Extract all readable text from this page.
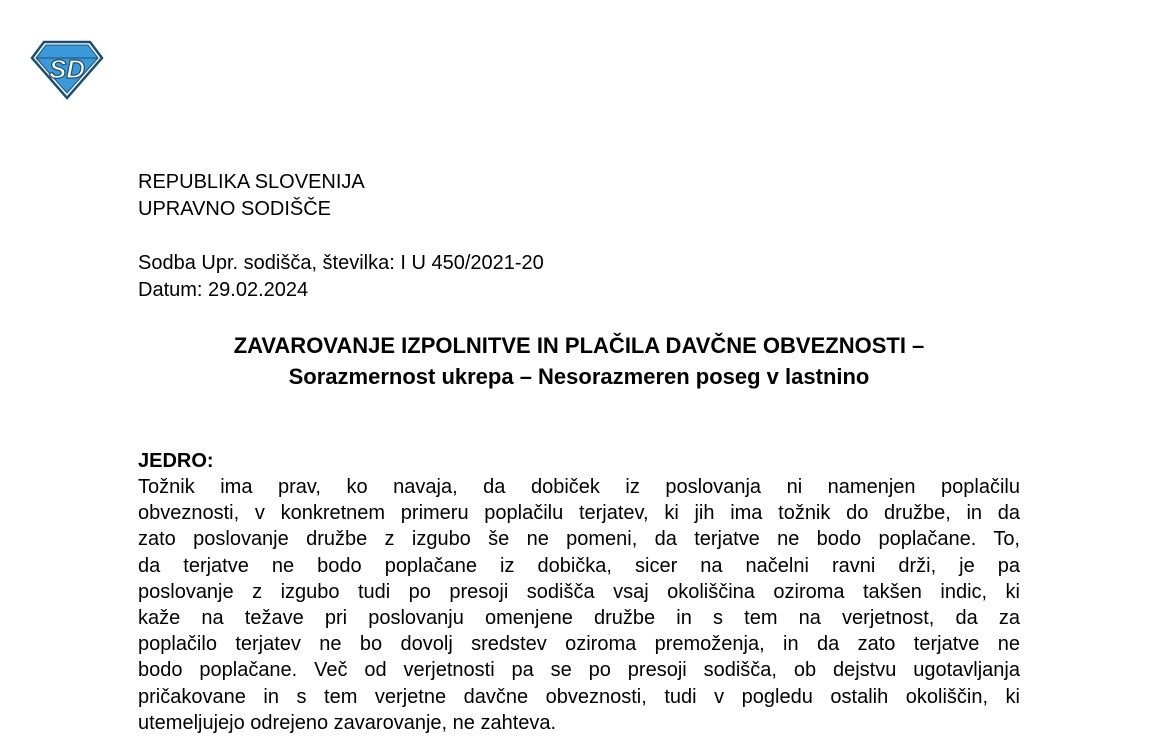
SD
REPUBLIKA SLOVENIJA
UPRAVNO SODIŠČE
Sodba Upr. sodišča, številka: I U 450/2021-20
Datum: 29.02.2024
ZAVAROVANJE IZPOLNITVE IN PLAČILA DAVČNE OBVEZNOSTI –
Sorazmernost ukrepa – Nesorazmeren poseg v lastnino
JEDRO:
Tožnik ima prav, ko navaja, da dobiček iz poslovanja ni namenjen poplačilu
obveznosti, v konkretnem primeru poplačilu terjatev, ki jih ima tožnik do družbe, in da
zato poslovanje družbe z izgubo še ne pomeni, da terjatve ne bodo poplačane. To,
da terjatve ne bodo poplačane iz dobička, sicer na načelni ravni drži, je pa
poslovanje z izgubo tudi po presoji sodišča vsaj okoliščina oziroma takšen indic, ki
kaže na težave pri poslovanju omenjene družbe in s tem na verjetnost, da za
poplačilo terjatev ne bo dovolj sredstev oziroma premoženja, in da zato terjatve ne
bodo poplačane. Več od verjetnosti pa se po presoji sodišča, ob dejstvu ugotavljanja
pričakovane in s tem verjetne davčne obveznosti, tudi v pogledu ostalih okoliščin, ki
utemeljujejo odrejeno zavarovanje, ne zahteva.
